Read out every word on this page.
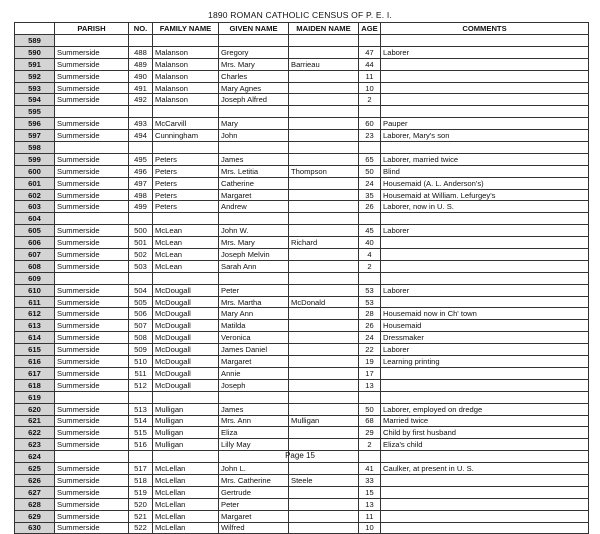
1890 ROMAN CATHOLIC CENSUS OF P. E. I.
	PARISH	NO.	FAMILY NAME	GIVEN NAME	MAIDEN NAME	AGE	COMMENTS
589							
590	Summerside	488	Malanson	Gregory		47	Laborer
591	Summerside	489	Malanson	Mrs. Mary	Barrieau	44	
592	Summerside	490	Malanson	Charles		11	
593	Summerside	491	Malanson	Mary Agnes		10	
594	Summerside	492	Malanson	Joseph Alfred		2	
595							
596	Summerside	493	McCarvill	Mary		60	Pauper
597	Summerside	494	Cunningham	John		23	Laborer, Mary's son
598							
599	Summerside	495	Peters	James		65	Laborer, married twice
600	Summerside	496	Peters	Mrs. Letitia	Thompson	50	Blind
601	Summerside	497	Peters	Catherine		24	Housemaid (A. L. Anderson's)
602	Summerside	498	Peters	Margaret		35	Housemaid at William. Lefurgey's
603	Summerside	499	Peters	Andrew		26	Laborer, now in U. S.
604							
605	Summerside	500	McLean	John W.		45	Laborer
606	Summerside	501	McLean	Mrs. Mary	Richard	40	
607	Summerside	502	McLean	Joseph Melvin		4	
608	Summerside	503	McLean	Sarah Ann		2	
609							
610	Summerside	504	McDougall	Peter		53	Laborer
611	Summerside	505	McDougall	Mrs. Martha	McDonald	53	
612	Summerside	506	McDougall	Mary Ann		28	Housemaid now in Ch' town
613	Summerside	507	McDougall	Matilda		26	Housemaid
614	Summerside	508	McDougall	Veronica		24	Dressmaker
615	Summerside	509	McDougall	James Daniel		22	Laborer
616	Summerside	510	McDougall	Margaret		19	Learning printing
617	Summerside	511	McDougall	Annie		17	
618	Summerside	512	McDougall	Joseph		13	
619							
620	Summerside	513	Mulligan	James		50	Laborer, employed on dredge
621	Summerside	514	Mulligan	Mrs. Ann	Mulligan	68	Married twice
622	Summerside	515	Mulligan	Eliza		29	Child by first husband
623	Summerside	516	Mulligan	Lilly May		2	Eliza's child
624							
625	Summerside	517	McLellan	John L.		41	Caulker, at present in U. S.
626	Summerside	518	McLellan	Mrs. Catherine	Steele	33	
627	Summerside	519	McLellan	Gertrude		15	
628	Summerside	520	McLellan	Peter		13	
629	Summerside	521	McLellan	Margaret		11	
630	Summerside	522	McLellan	Wilfred		10	
Page 15
